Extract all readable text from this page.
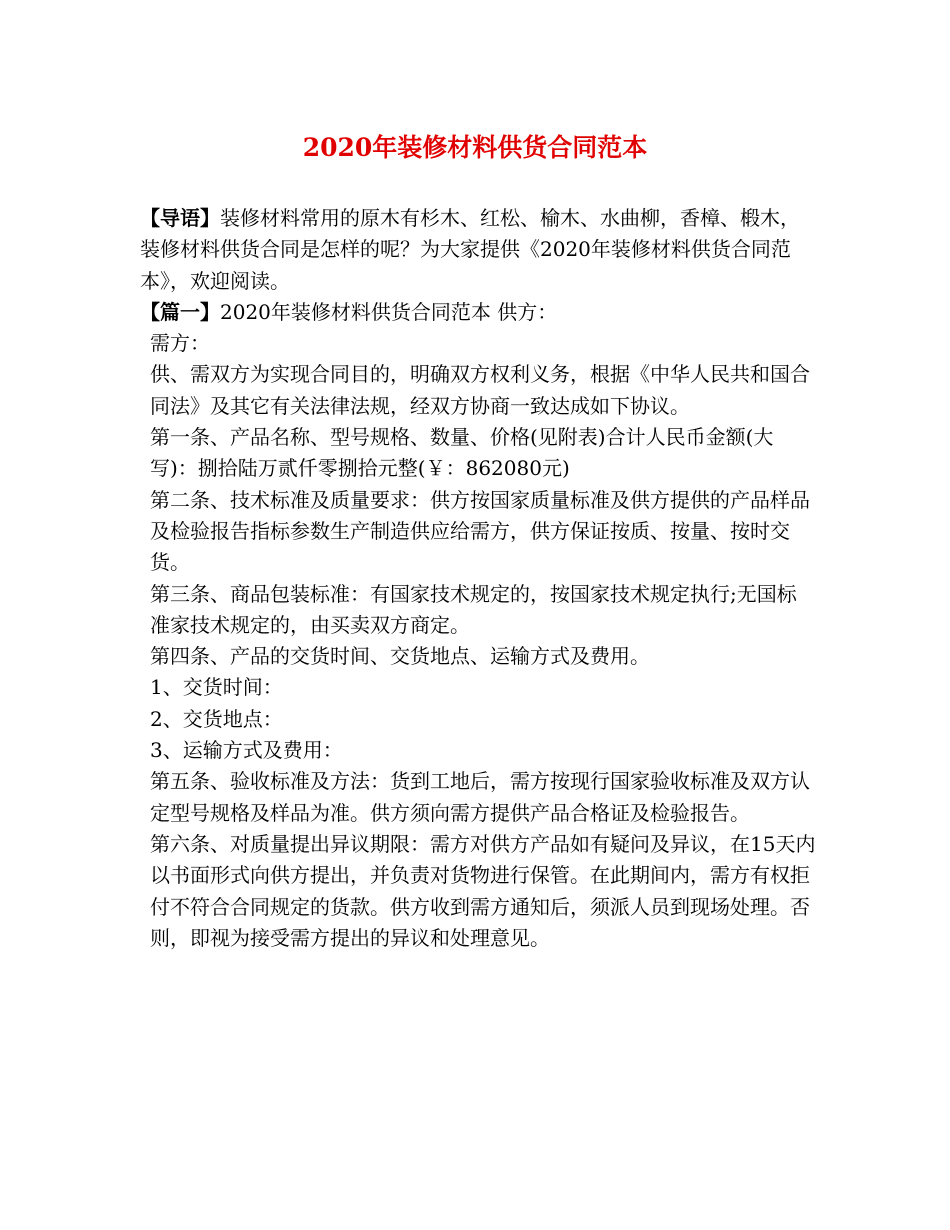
2020年装修材料供货合同范本

【导语】装修材料常用的原木有杉木、红松、榆木、水曲柳，香樟、椴木，装修材料供货合同是怎样的呢？为大家提供《2020年装修材料供货合同范本》，欢迎阅读。

【篇一】2020年装修材料供货合同范本 供方：

需方：

供、需双方为实现合同目的，明确双方权利义务，根据《中华人民共和国合同法》及其它有关法律法规，经双方协商一致达成如下协议。

第一条、产品名称、型号规格、数量、价格(见附表)合计人民币金额(大写)：捌拾陆万贰仟零捌拾元整(￥：862080元)

第二条、技术标准及质量要求：供方按国家质量标准及供方提供的产品样品及检验报告指标参数生产制造供应给需方，供方保证按质、按量、按时交货。

第三条、商品包装标准：有国家技术规定的，按国家技术规定执行;无国标准家技术规定的，由买卖双方商定。

第四条、产品的交货时间、交货地点、运输方式及费用。

1、交货时间：

2、交货地点：

3、运输方式及费用：

第五条、验收标准及方法：货到工地后，需方按现行国家验收标准及双方认定型号规格及样品为准。供方须向需方提供产品合格证及检验报告。

第六条、对质量提出异议期限：需方对供方产品如有疑问及异议，在15天内以书面形式向供方提出，并负责对货物进行保管。在此期间内，需方有权拒付不符合合同规定的货款。供方收到需方通知后，须派人员到现场处理。否则，即视为接受需方提出的异议和处理意见。
